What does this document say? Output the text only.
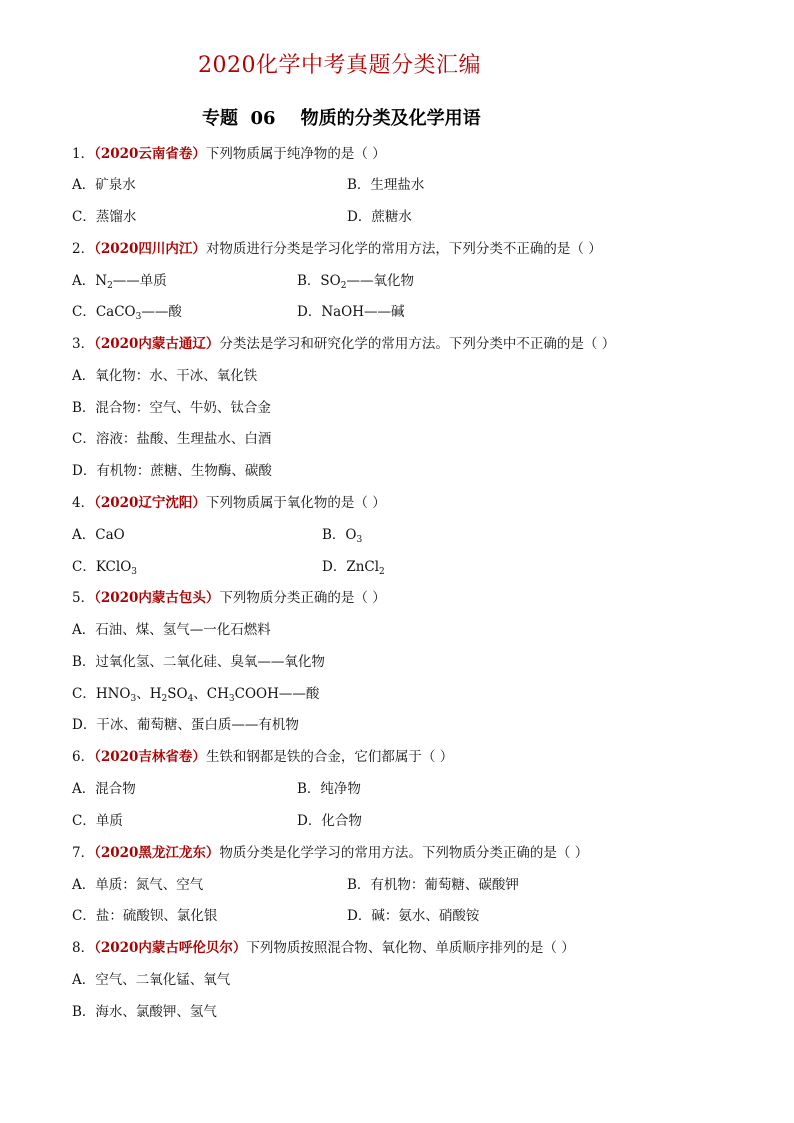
2020化学中考真题分类汇编
专题  06    物质的分类及化学用语
1．（2020云南省卷）下列物质属于纯净物的是（ ）
A．矿泉水	B．生理盐水
C．蒸馏水	D．蔗糖水
2．（2020四川内江）对物质进行分类是学习化学的常用方法，下列分类不正确的是（ ）
A．$N_2——$单质	B．$SO_2——$氧化物
C．CaCO$_3$——酸	D．NaOH——碱
3．（2020内蒙古通辽）分类法是学习和研究化学的常用方法。下列分类中不正确的是（ ）
A．氧化物：水、干冰、氧化铁
B．混合物：空气、牛奶、钛合金
C．溶液：盐酸、生理盐水、白酒
D．有机物：蔗糖、生物酶、碳酸
4．（2020辽宁沈阳）下列物质属于氧化物的是（ ）
A．CaO	B．$O_3$
C．KClO$_3$	D．ZnCl$_2$
5．（2020内蒙古包头）下列物质分类正确的是（ ）
A．石油、煤、氢气—一化石燃料
B．过氧化氢、二氧化硅、臭氧——氧化物
C．$HNO_3$、$H_2SO_4$、$CH_3COOH——$酸
D．干冰、葡萄糖、蛋白质——有机物
6．（2020吉林省卷）生铁和钢都是铁的合金，它们都属于（ ）
A．混合物	B．纯净物
C．单质	D．化合物
7．（2020黑龙江龙东）物质分类是化学学习的常用方法。下列物质分类正确的是（ ）
A．单质：氮气、空气	B．有机物：葡萄糖、碳酸钾
C．盐：硫酸钡、氯化银	D．碱：氨水、硝酸铵
8．（2020内蒙古呼伦贝尔）下列物质按照混合物、氧化物、单质顺序排列的是（ ）
A．空气、二氧化锰、氧气
B．海水、氯酸钾、氢气
